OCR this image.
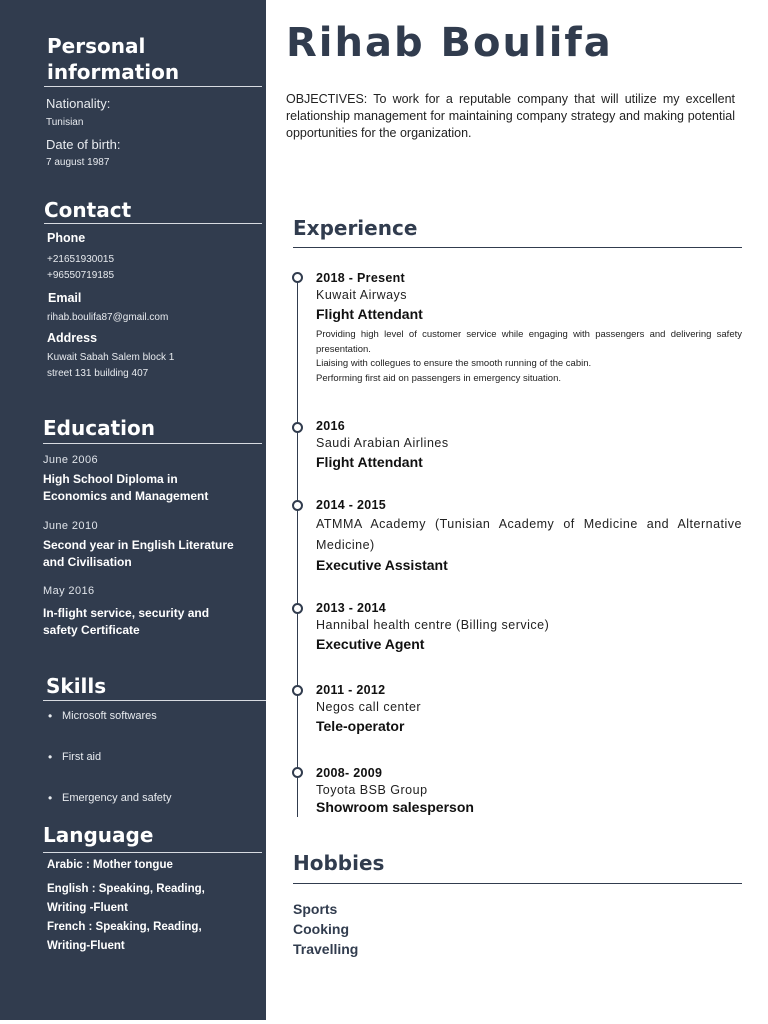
Personal
information
Nationality:
Tunisian
Date of birth:
7 august 1987
Contact
Phone
+21651930015
+96550719185
Email
rihab.boulifa87@gmail.com
Address
Kuwait Sabah Salem block 1
street 131 building 407
Education
June 2006
High School Diploma in Economics and Management
June 2010
Second year in English Literature and Civilisation
May 2016
In-flight service, security and safety Certificate
Skills
• Microsoft softwares
• First aid
• Emergency and safety
Language
Arabic : Mother tongue
English : Speaking, Reading, Writing -Fluent
French : Speaking, Reading, Writing-Fluent
Rihab Boulifa

OBJECTIVES: To work for a reputable company that will utilize my excellent relationship management for maintaining company strategy and making potential opportunities for the organization.

Experience
2018 - Present
Kuwait Airways
Flight Attendant
Providing high level of customer service while engaging with passengers and delivering safety presentation.
Liaising with collegues to ensure the smooth running of the cabin.
Performing first aid on passengers in emergency situation.
2016
Saudi Arabian Airlines
Flight Attendant
2014 - 2015
ATMMA Academy (Tunisian Academy of Medicine and Alternative Medicine)
Executive Assistant
2013 - 2014
Hannibal health centre (Billing service)
Executive Agent
2011 - 2012
Negos call center
Tele-operator
2008- 2009
Toyota BSB Group
Showroom salesperson
Hobbies
Sports
Cooking
Travelling
